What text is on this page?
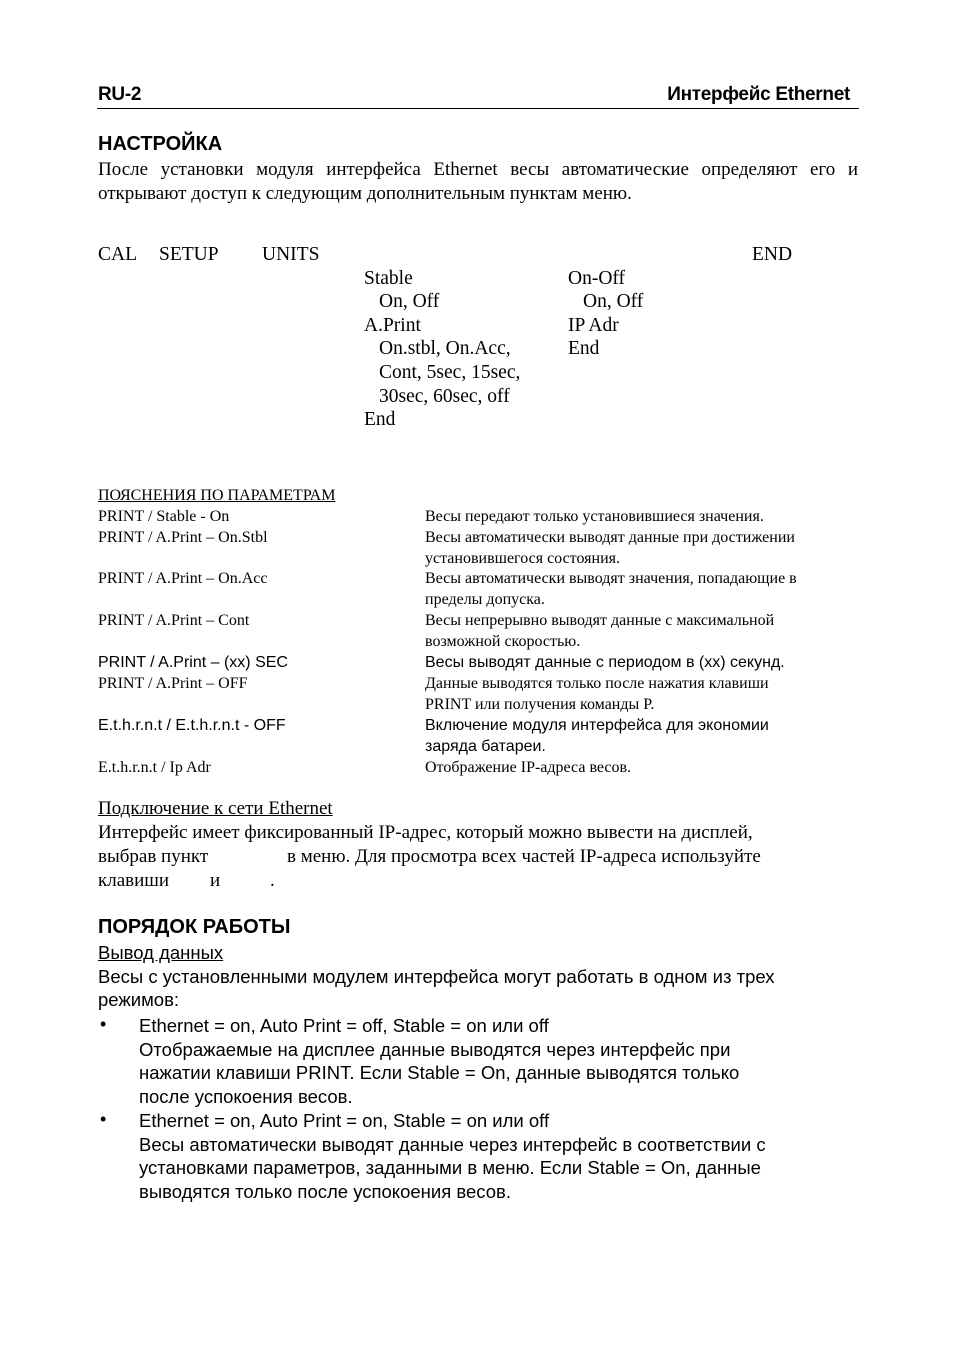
RU-2	Интерфейс Ethernet
НАСТРОЙКА
После установки модуля интерфейса Ethernet весы автоматические определяют его и
открывают доступ к следующим дополнительным пунктам меню.
CAL SETUP UNITS	END
Stable
On, Off
A.Print
On.stbl, On.Acc,
Cont, 5sec, 15sec,
30sec, 60sec, off
End
On-Off
On, Off
IP Adr
End
ПОЯСНЕНИЯ ПО ПАРАМЕТРАМ
PRINT / Stable - On	Весы передают только установившиеся значения.
PRINT / A.Print – On.Stbl	Весы автоматически выводят данные при достижении
установившегося состояния.
PRINT / A.Print – On.Acc	Весы автоматически выводят значения, попадающие в
пределы допуска.
PRINT / A.Print – Cont	Весы непрерывно выводят данные с максимальной
возможной скоростью.
PRINT / A.Print – (xx) SEC	Весы выводят данные с периодом в (xx) секунд.
PRINT / A.Print – OFF	Данные выводятся только после нажатия клавиши
PRINT или получения команды P.
E.t.h.r.n.t / E.t.h.r.n.t - OFF	Включение модуля интерфейса для экономии
заряда батареи.
E.t.h.r.n.t / Ip Adr	Отображение IP-адреса весов.
Подключение к сети Ethernet
Интерфейс имеет фиксированный IP-адрес, который можно вывести на дисплей,
выбрав пункт	в меню. Для просмотра всех частей IP-адреса используйте
клавиши и	.
ПОРЯДОК РАБОТЫ
Вывод данных
Весы с установленными модулем интерфейса могут работать в одном из трех
режимов:
• Ethernet = on, Auto Print = off, Stable = on или off
Отображаемые на дисплее данные выводятся через интерфейс при
нажатии клавиши PRINT. Если Stable = On, данные выводятся только
после успокоения весов.
• Ethernet = on, Auto Print = on, Stable = on или off
Весы автоматически выводят данные через интерфейс в соответствии с
установками параметров, заданными в меню. Если Stable = On, данные
выводятся только после успокоения весов.
